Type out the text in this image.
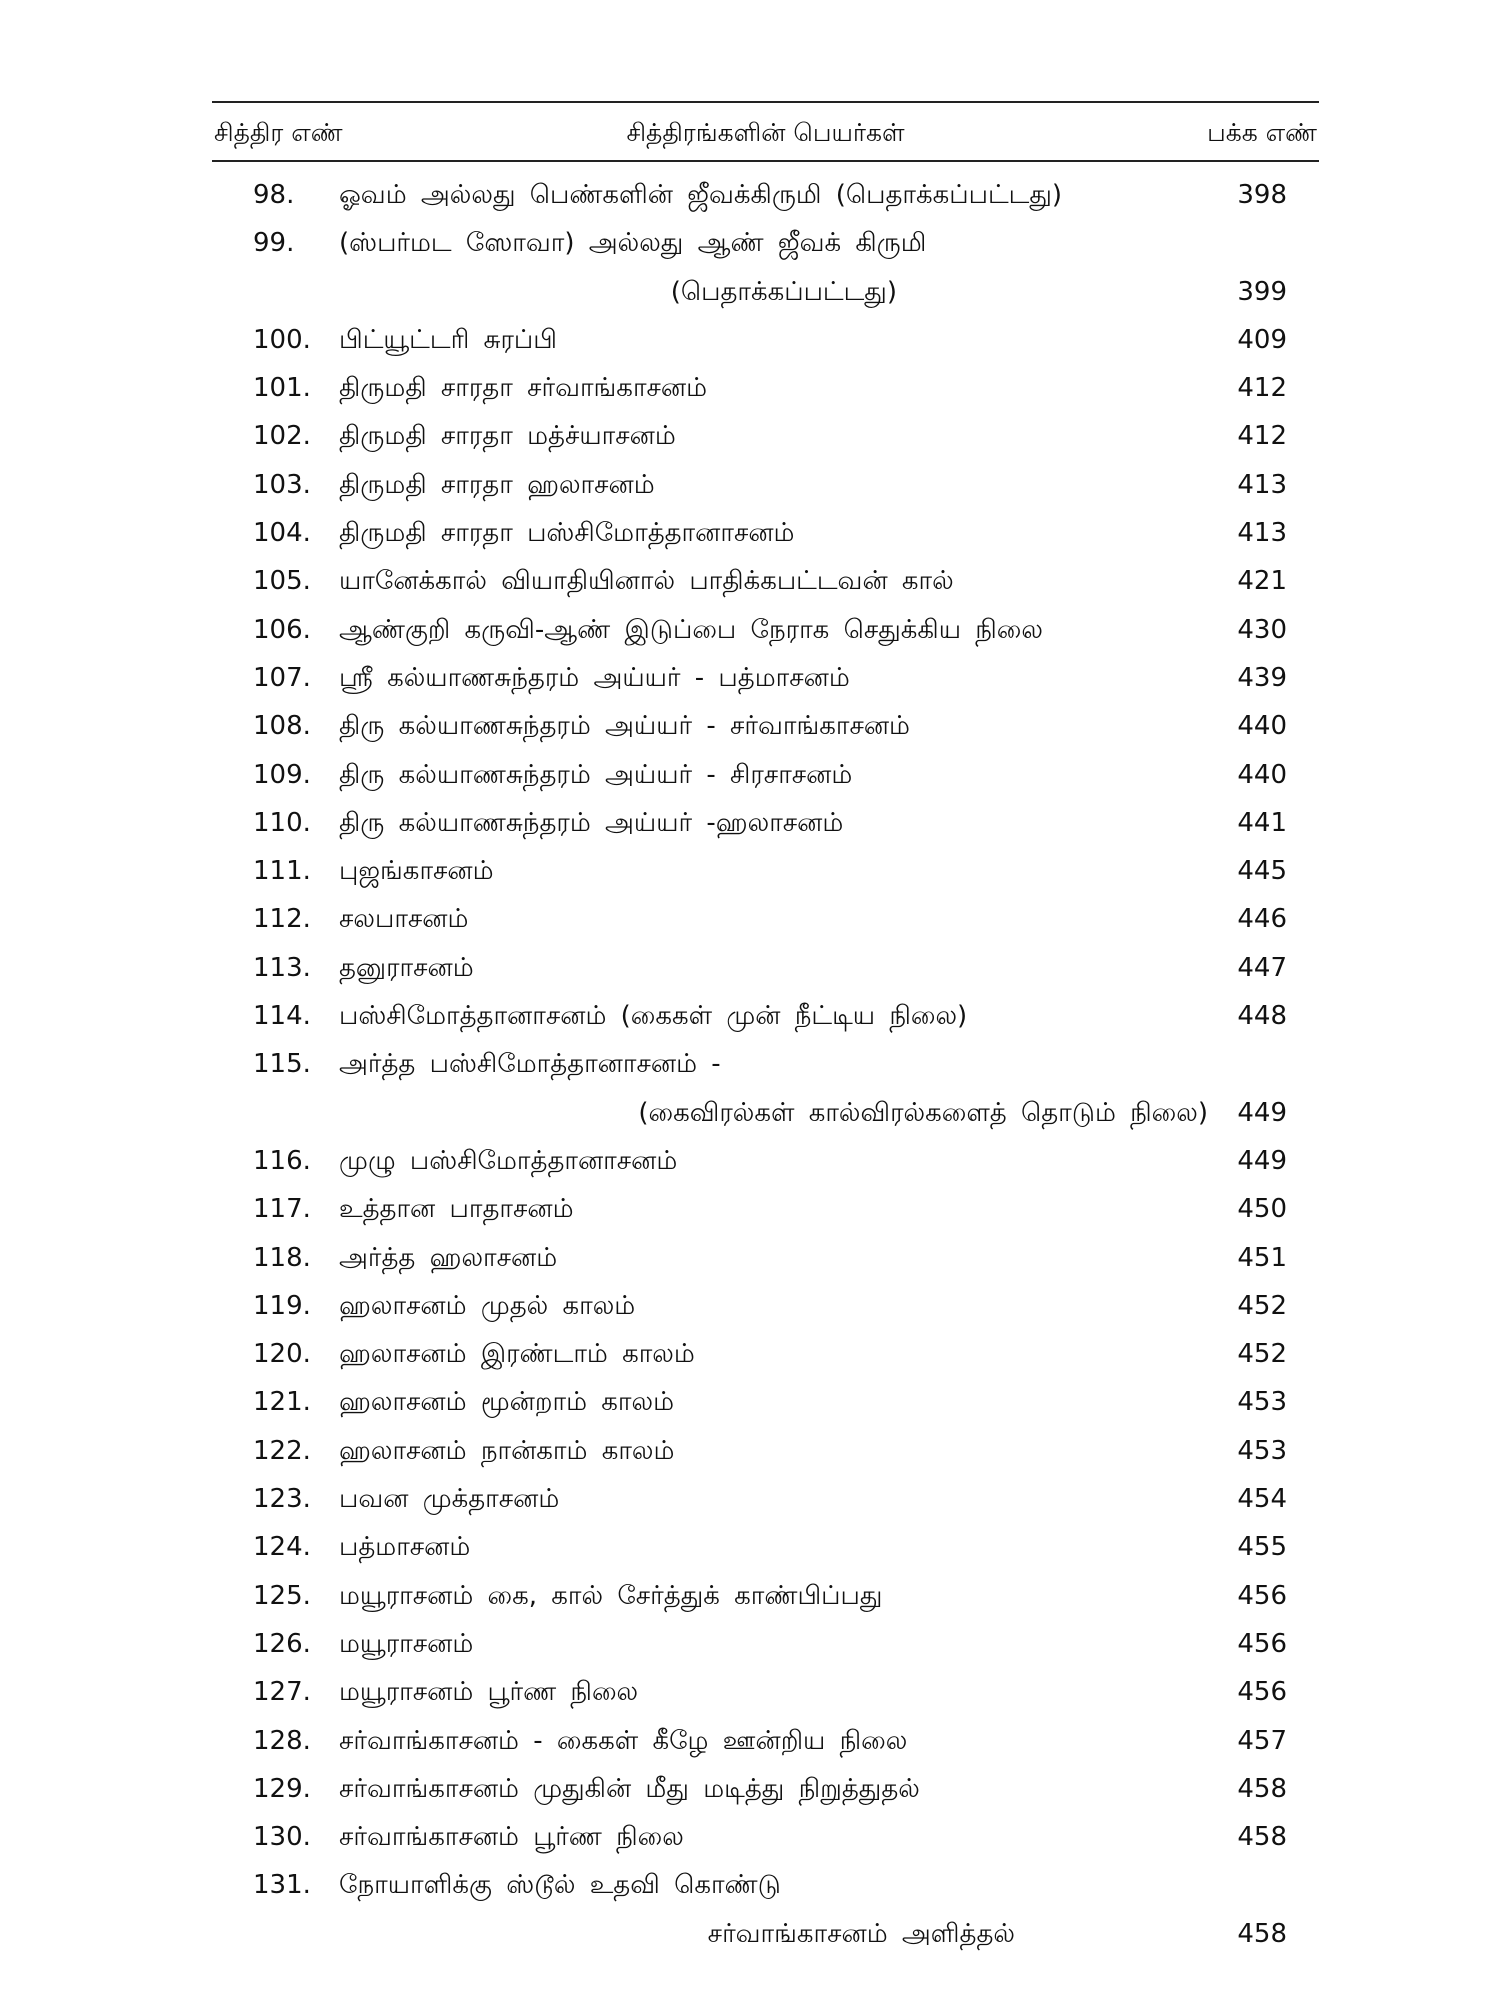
சித்திர எண்	சித்திரங்களின் பெயர்கள்	பக்க எண்
98.	ஓவம் அல்லது பெண்களின் ஜீவக்கிருமி (பெதாக்கப்பட்டது)	398
99.	(ஸ்பர்மட ஸோவா) அல்லது ஆண் ஜீவக் கிருமி
(பெதாக்கப்பட்டது)	399
100. பிட்யூட்டரி சுரப்பி	409
101. திருமதி சாரதா சர்வாங்காசனம்	412
102. திருமதி சாரதா மத்ச்யாசனம்	412
103. திருமதி சாரதா ஹலாசனம்	413
104. திருமதி சாரதா பஸ்சிமோத்தானாசனம்	413
105. யானேக்கால் வியாதியினால் பாதிக்கபட்டவன் கால்	421
106. ஆண்குறி கருவி-ஆண் இடுப்பை நேராக செதுக்கிய நிலை	430
107. ஸ்ரீ கல்யாணசுந்தரம் அய்யர் - பத்மாசனம்	439
108. திரு கல்யாணசுந்தரம் அய்யர் - சர்வாங்காசனம்	440
109. திரு கல்யாணசுந்தரம் அய்யர் - சிரசாசனம்	440
110. திரு கல்யாணசுந்தரம் அய்யர் -ஹலாசனம்	441
111. புஜங்காசனம்	445
112. சலபாசனம்	446
113. தனுராசனம்	447
114. பஸ்சிமோத்தானாசனம் (கைகள் முன் நீட்டிய நிலை)	448
115. அர்த்த பஸ்சிமோத்தானாசனம் -
(கைவிரல்கள் கால்விரல்களைத் தொடும் நிலை)	449
116. முழு பஸ்சிமோத்தானாசனம்	449
117. உத்தான பாதாசனம்	450
118. அர்த்த ஹலாசனம்	451
119. ஹலாசனம் முதல் காலம்	452
120. ஹலாசனம் இரண்டாம் காலம்	452
121. ஹலாசனம் மூன்றாம் காலம்	453
122. ஹலாசனம் நான்காம் காலம்	453
123. பவன முக்தாசனம்	454
124. பத்மாசனம்	455
125. மயூராசனம் கை, கால் சேர்த்துக் காண்பிப்பது	456
126. மயூராசனம்	456
127. மயூராசனம் பூர்ண நிலை	456
128. சர்வாங்காசனம் - கைகள் கீழே ஊன்றிய நிலை	457
129. சர்வாங்காசனம் முதுகின் மீது மடித்து நிறுத்துதல்	458
130. சர்வாங்காசனம் பூர்ண நிலை	458
131. நோயாளிக்கு ஸ்டூல் உதவி கொண்டு
சர்வாங்காசனம் அளித்தல்	458
